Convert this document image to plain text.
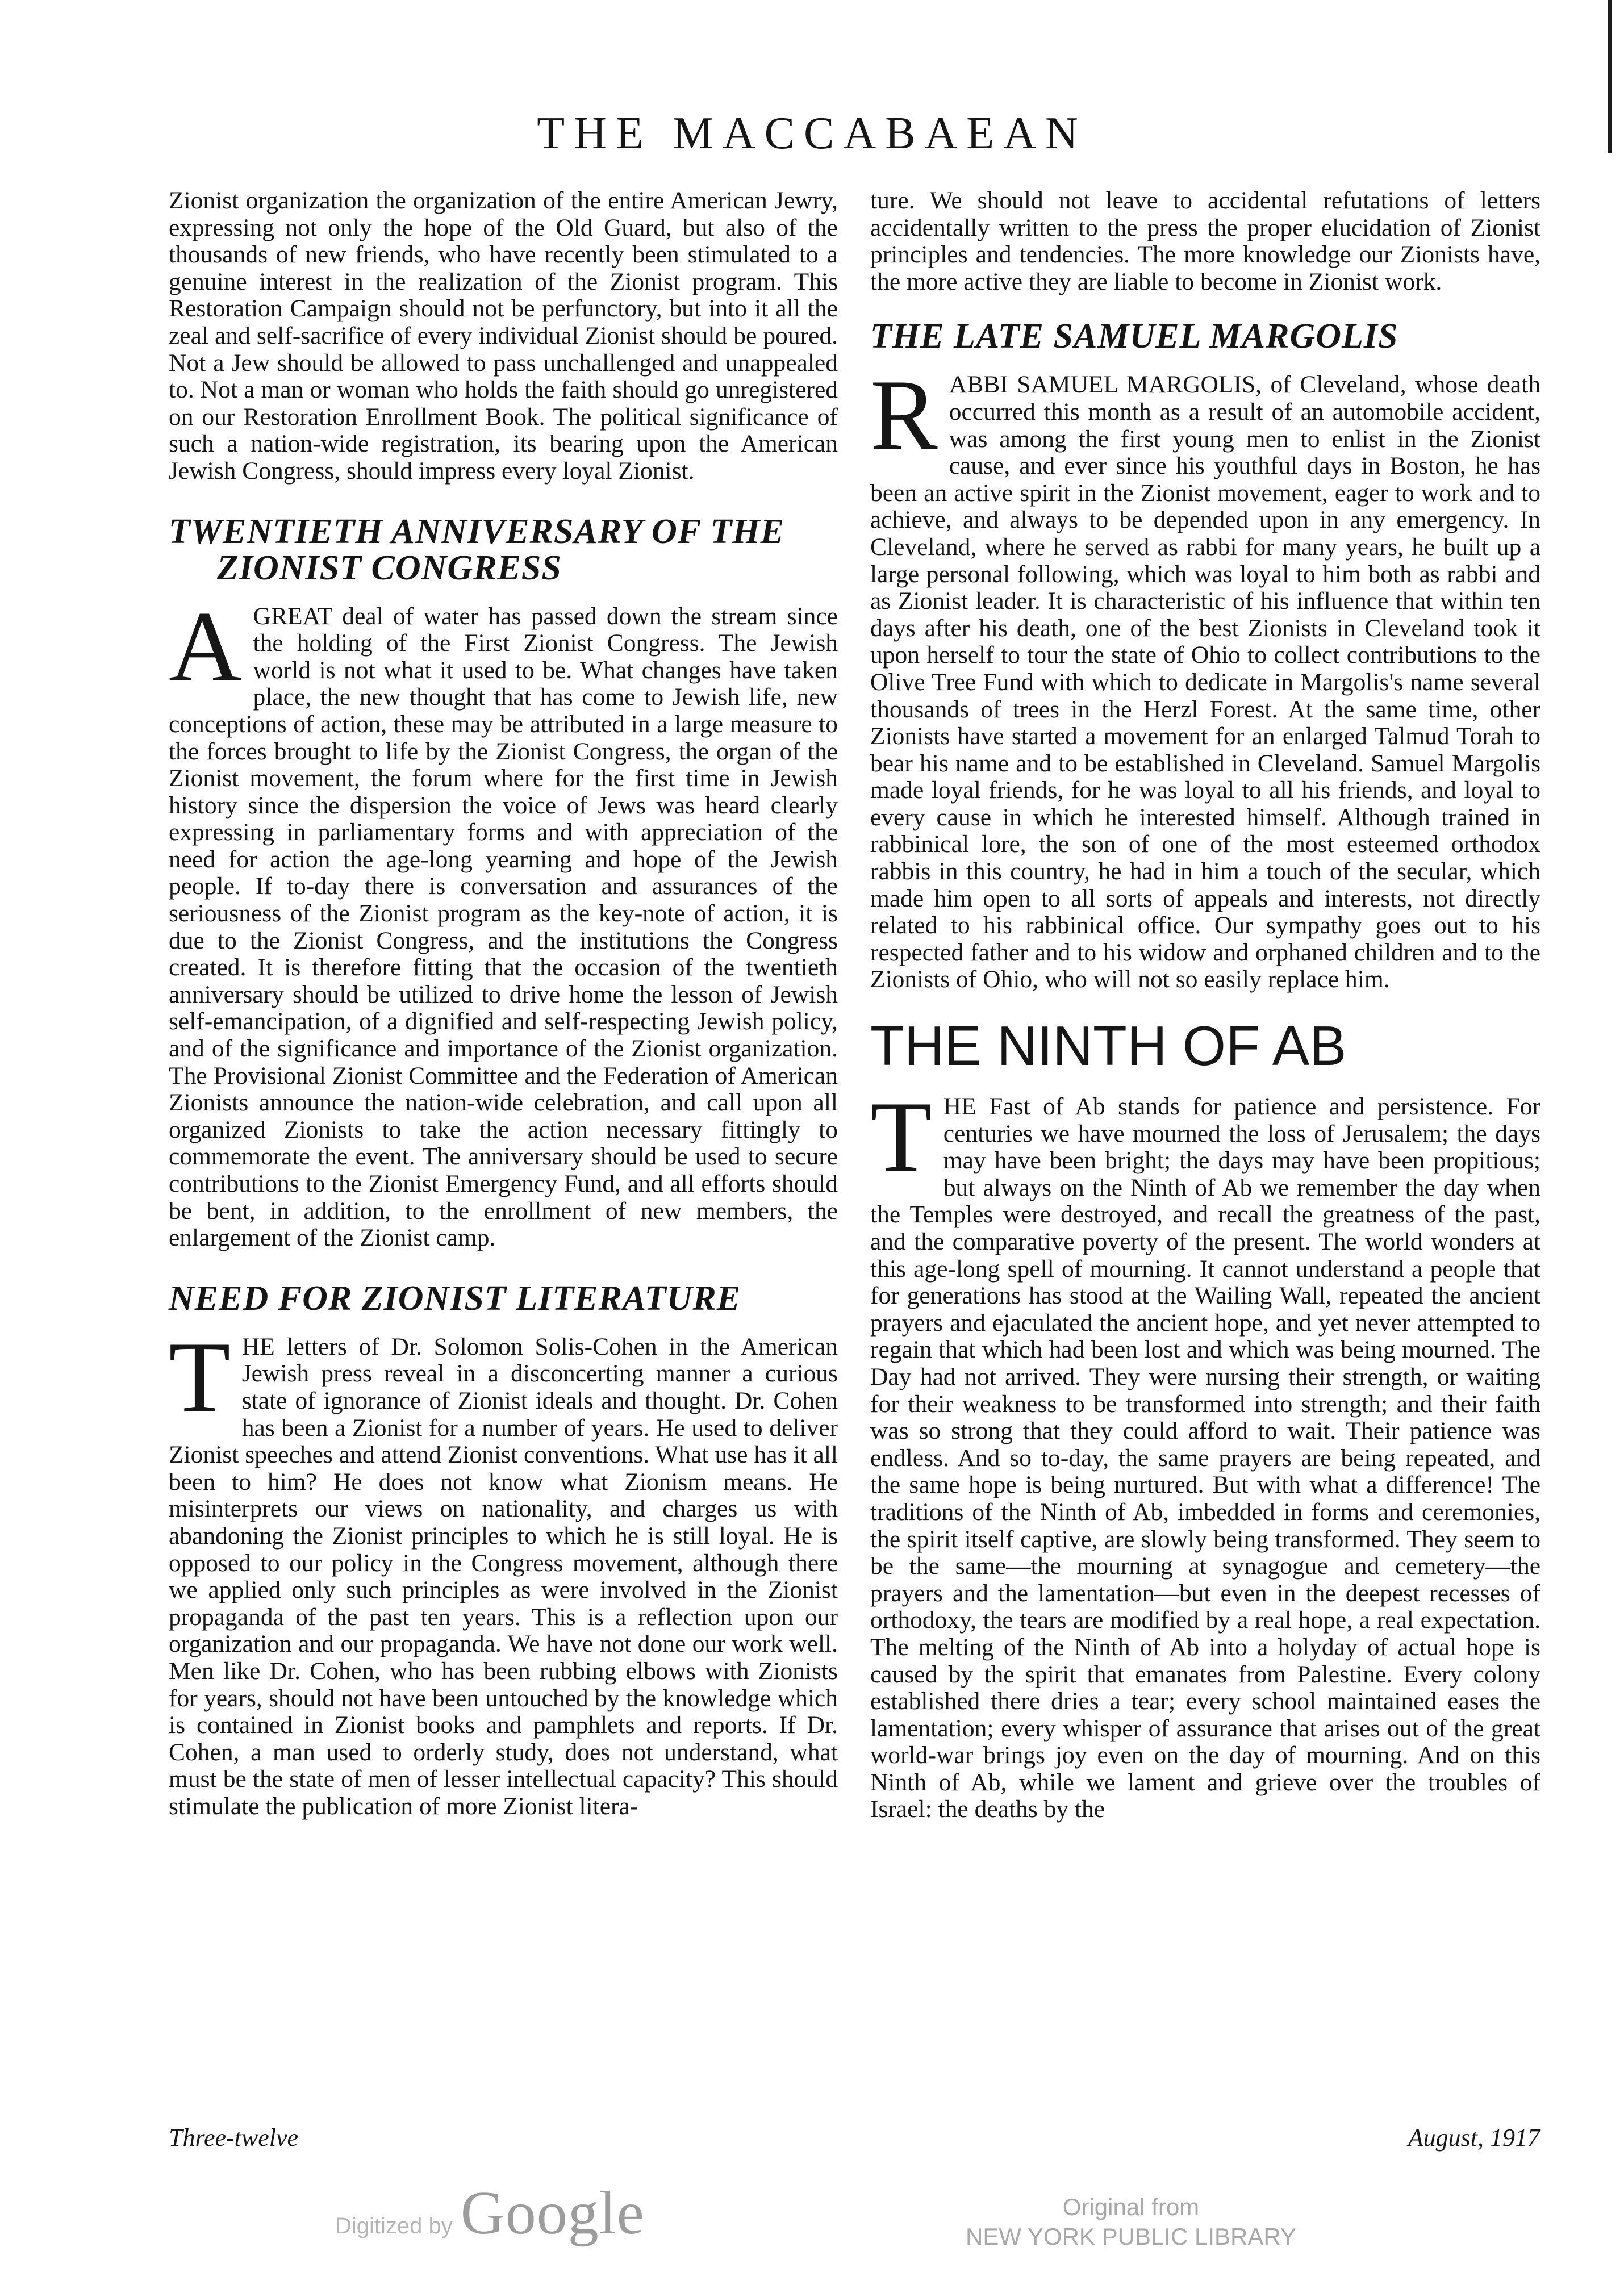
THE MACCABAEAN

Zionist organization the organization of the entire American Jewry, expressing not only the hope of the Old Guard, but also of the thousands of new friends, who have recently been stimulated to a genuine interest in the realization of the Zionist program. This Restoration Campaign should not be perfunctory, but into it all the zeal and self-sacrifice of every individual Zionist should be poured. Not a Jew should be allowed to pass unchallenged and unappealed to. Not a man or woman who holds the faith should go unregistered on our Restoration Enrollment Book. The political significance of such a nation-wide registration, its bearing upon the American Jewish Congress, should impress every loyal Zionist.

TWENTIETH ANNIVERSARY OF THE
ZIONIST CONGRESS
A GREAT deal of water has passed down the stream since the holding of the First Zionist Congress. The Jewish world is not what it used to be. What changes have taken place, the new thought that has come to Jewish life, new conceptions of action, these may be attributed in a large measure to the forces brought to life by the Zionist Congress, the organ of the Zionist movement, the forum where for the first time in Jewish history since the dispersion the voice of Jews was heard clearly expressing in parliamentary forms and with appreciation of the need for action the age-long yearning and hope of the Jewish people. If to-day there is conversation and assurances of the seriousness of the Zionist program as the key-note of action, it is due to the Zionist Congress, and the institutions the Congress created. It is therefore fitting that the occasion of the twentieth anniversary should be utilized to drive home the lesson of Jewish self-emancipation, of a dignified and self-respecting Jewish policy, and of the significance and importance of the Zionist organization. The Provisional Zionist Committee and the Federation of American Zionists announce the nation-wide celebration, and call upon all organized Zionists to take the action necessary fittingly to commemorate the event. The anniversary should be used to secure contributions to the Zionist Emergency Fund, and all efforts should be bent, in addition, to the enrollment of new members, the enlargement of the Zionist camp.

NEED FOR ZIONIST LITERATURE
T HE letters of Dr. Solomon Solis-Cohen in the American Jewish press reveal in a disconcerting manner a curious state of ignorance of Zionist ideals and thought. Dr. Cohen has been a Zionist for a number of years. He used to deliver Zionist speeches and attend Zionist conventions. What use has it all been to him? He does not know what Zionism means. He misinterprets our views on nationality, and charges us with abandoning the Zionist principles to which he is still loyal. He is opposed to our policy in the Congress movement, although there we applied only such principles as were involved in the Zionist propaganda of the past ten years. This is a reflection upon our organization and our propaganda. We have not done our work well. Men like Dr. Cohen, who has been rubbing elbows with Zionists for years, should not have been untouched by the knowledge which is contained in Zionist books and pamphlets and reports. If Dr. Cohen, a man used to orderly study, does not understand, what must be the state of men of lesser intellectual capacity? This should stimulate the publication of more Zionist litera-

ture. We should not leave to accidental refutations of letters accidentally written to the press the proper elucidation of Zionist principles and tendencies. The more knowledge our Zionists have, the more active they are liable to become in Zionist work.

THE LATE SAMUEL MARGOLIS
R ABBI SAMUEL MARGOLIS, of Cleveland, whose death occurred this month as a result of an automobile accident, was among the first young men to enlist in the Zionist cause, and ever since his youthful days in Boston, he has been an active spirit in the Zionist movement, eager to work and to achieve, and always to be depended upon in any emergency. In Cleveland, where he served as rabbi for many years, he built up a large personal following, which was loyal to him both as rabbi and as Zionist leader. It is characteristic of his influence that within ten days after his death, one of the best Zionists in Cleveland took it upon herself to tour the state of Ohio to collect contributions to the Olive Tree Fund with which to dedicate in Margolis's name several thousands of trees in the Herzl Forest. At the same time, other Zionists have started a movement for an enlarged Talmud Torah to bear his name and to be established in Cleveland. Samuel Margolis made loyal friends, for he was loyal to all his friends, and loyal to every cause in which he interested himself. Although trained in rabbinical lore, the son of one of the most esteemed orthodox rabbis in this country, he had in him a touch of the secular, which made him open to all sorts of appeals and interests, not directly related to his rabbinical office. Our sympathy goes out to his respected father and to his widow and orphaned children and to the Zionists of Ohio, who will not so easily replace him.

THE NINTH OF AB
T HE Fast of Ab stands for patience and persistence. For centuries we have mourned the loss of Jerusalem; the days may have been bright; the days may have been propitious; but always on the Ninth of Ab we remember the day when the Temples were destroyed, and recall the greatness of the past, and the comparative poverty of the present. The world wonders at this age-long spell of mourning. It cannot understand a people that for generations has stood at the Wailing Wall, repeated the ancient prayers and ejaculated the ancient hope, and yet never attempted to regain that which had been lost and which was being mourned. The Day had not arrived. They were nursing their strength, or waiting for their weakness to be transformed into strength; and their faith was so strong that they could afford to wait. Their patience was endless. And so to-day, the same prayers are being repeated, and the same hope is being nurtured. But with what a difference! The traditions of the Ninth of Ab, imbedded in forms and ceremonies, the spirit itself captive, are slowly being transformed. They seem to be the same—the mourning at synagogue and cemetery—the prayers and the lamentation—but even in the deepest recesses of orthodoxy, the tears are modified by a real hope, a real expectation. The melting of the Ninth of Ab into a holyday of actual hope is caused by the spirit that emanates from Palestine. Every colony established there dries a tear; every school maintained eases the lamentation; every whisper of assurance that arises out of the great world-war brings joy even on the day of mourning. And on this Ninth of Ab, while we lament and grieve over the troubles of Israel: the deaths by the

Three-twelve	August, 1917
Digitized by Google	Original from
NEW YORK PUBLIC LIBRARY
